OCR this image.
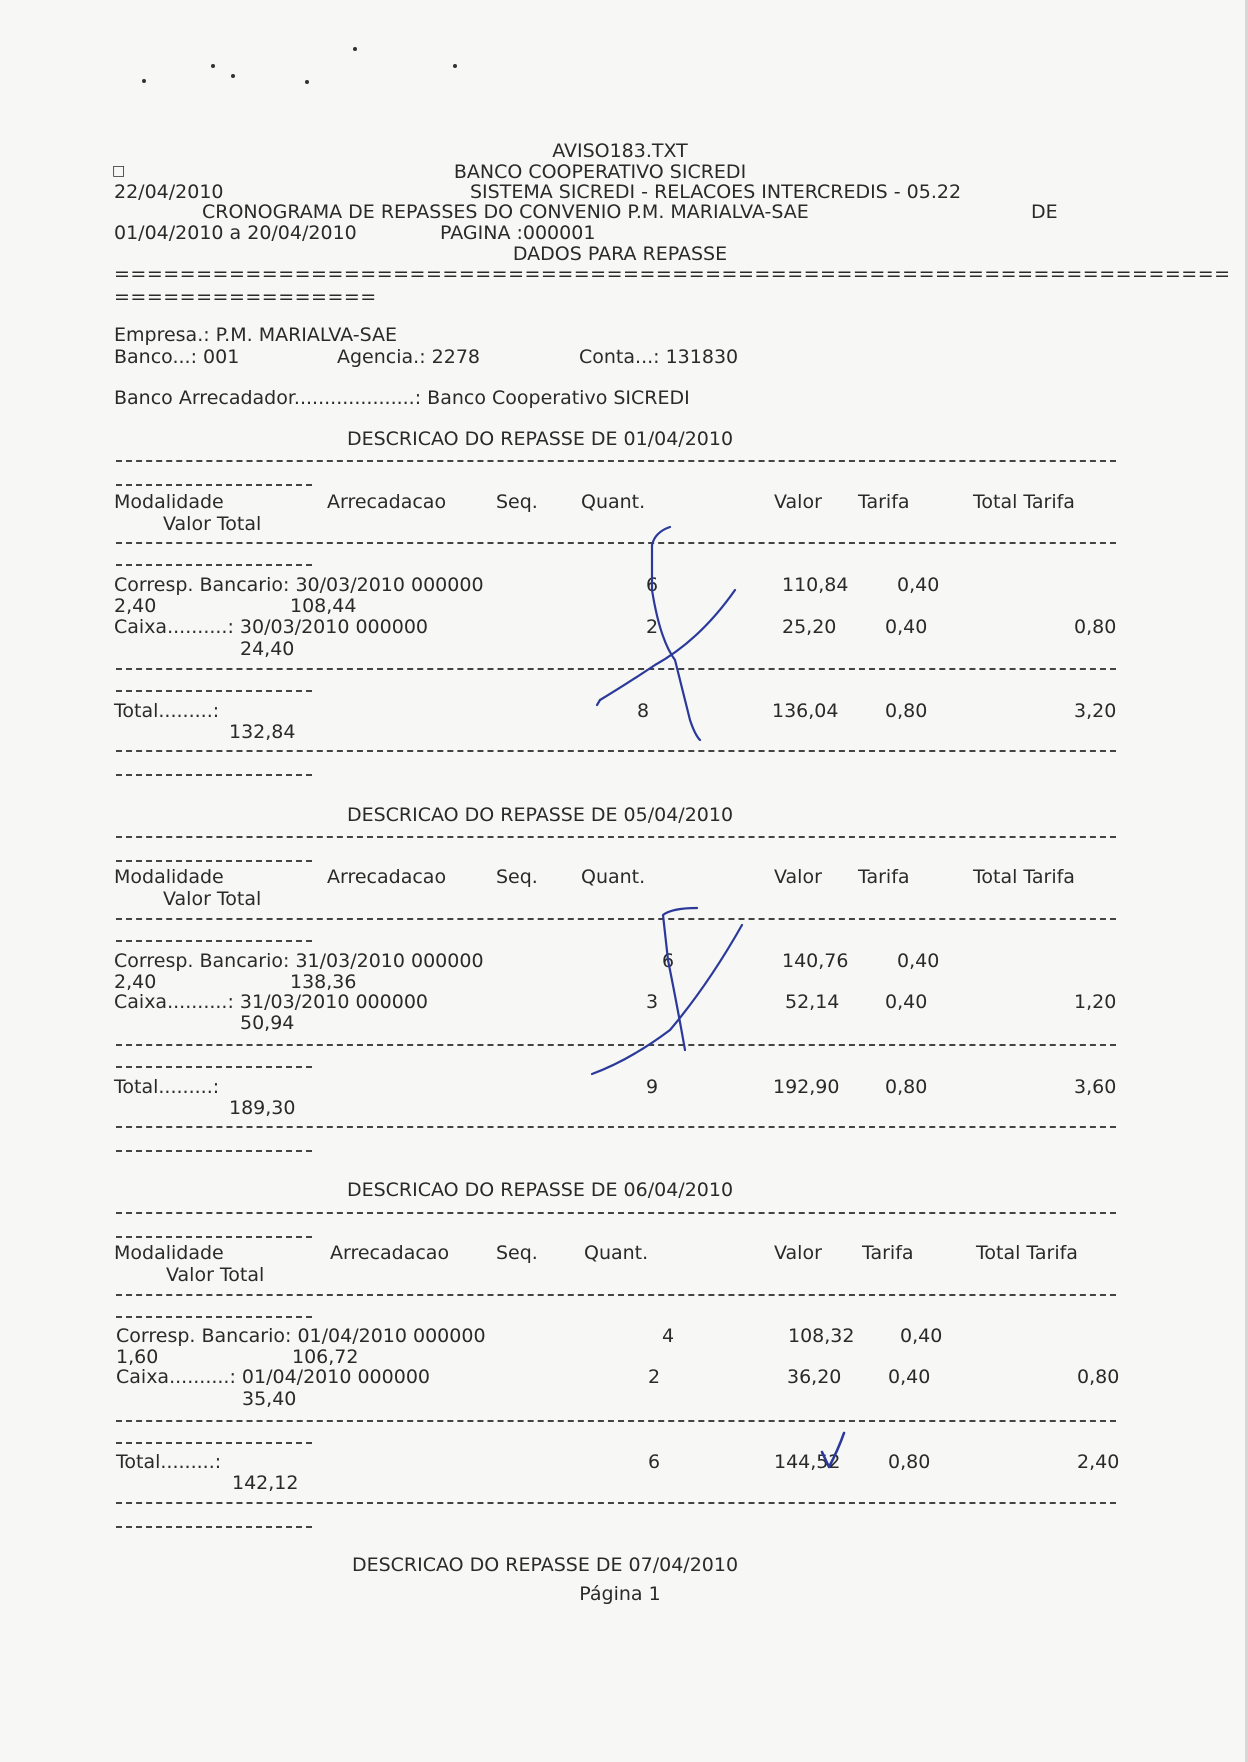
AVISO183.TXT
□	BANCO COOPERATIVO SICREDI
22/04/2010	SISTEMA SICREDI - RELACOES INTERCREDIS - 05.22
CRONOGRAMA DE REPASSES DO CONVENIO P.M. MARIALVA-SAE	DE
01/04/2010 a 20/04/2010	PAGINA :000001
DADOS PARA REPASSE
====================================================================
================
Empresa.: P.M. MARIALVA-SAE
Banco...: 001	Agencia.: 2278	Conta...: 131830
Banco Arrecadador....................: Banco Cooperativo SICREDI
DESCRICAO DO REPASSE DE 01/04/2010
Modalidade	Arrecadacao	Seq. Quant.	Valor Tarifa	Total Tarifa
Valor Total
Corresp. Bancario: 30/03/2010 000000	6	110,84	0,40
2,40	108,44
Caixa..........: 30/03/2010 000000	2	25,20	0,40	0,80
24,40
Total.........:	8	136,04 0,80	3,20
132,84
DESCRICAO DO REPASSE DE 05/04/2010
Modalidade	Arrecadacao	Seq. Quant.	Valor Tarifa	Total Tarifa
Valor Total
Corresp. Bancario: 31/03/2010 000000	6	140,76	0,40
2,40	138,36
Caixa..........: 31/03/2010 000000	3	52,14 0,40	1,20
50,94
Total.........:	9	192,90 0,80	3,60
189,30
DESCRICAO DO REPASSE DE 06/04/2010
Modalidade	Arrecadacao Seq. Quant.	Valor Tarifa	Total Tarifa
Valor Total
Corresp. Bancario: 01/04/2010 000000	4	108,32 0,40
1,60	106,72
Caixa..........: 01/04/2010 000000	2	36,20 0,40	0,80
35,40
Total.........:	6	144,52	0,80	2,40
142,12
DESCRICAO DO REPASSE DE 07/04/2010
Página 1
